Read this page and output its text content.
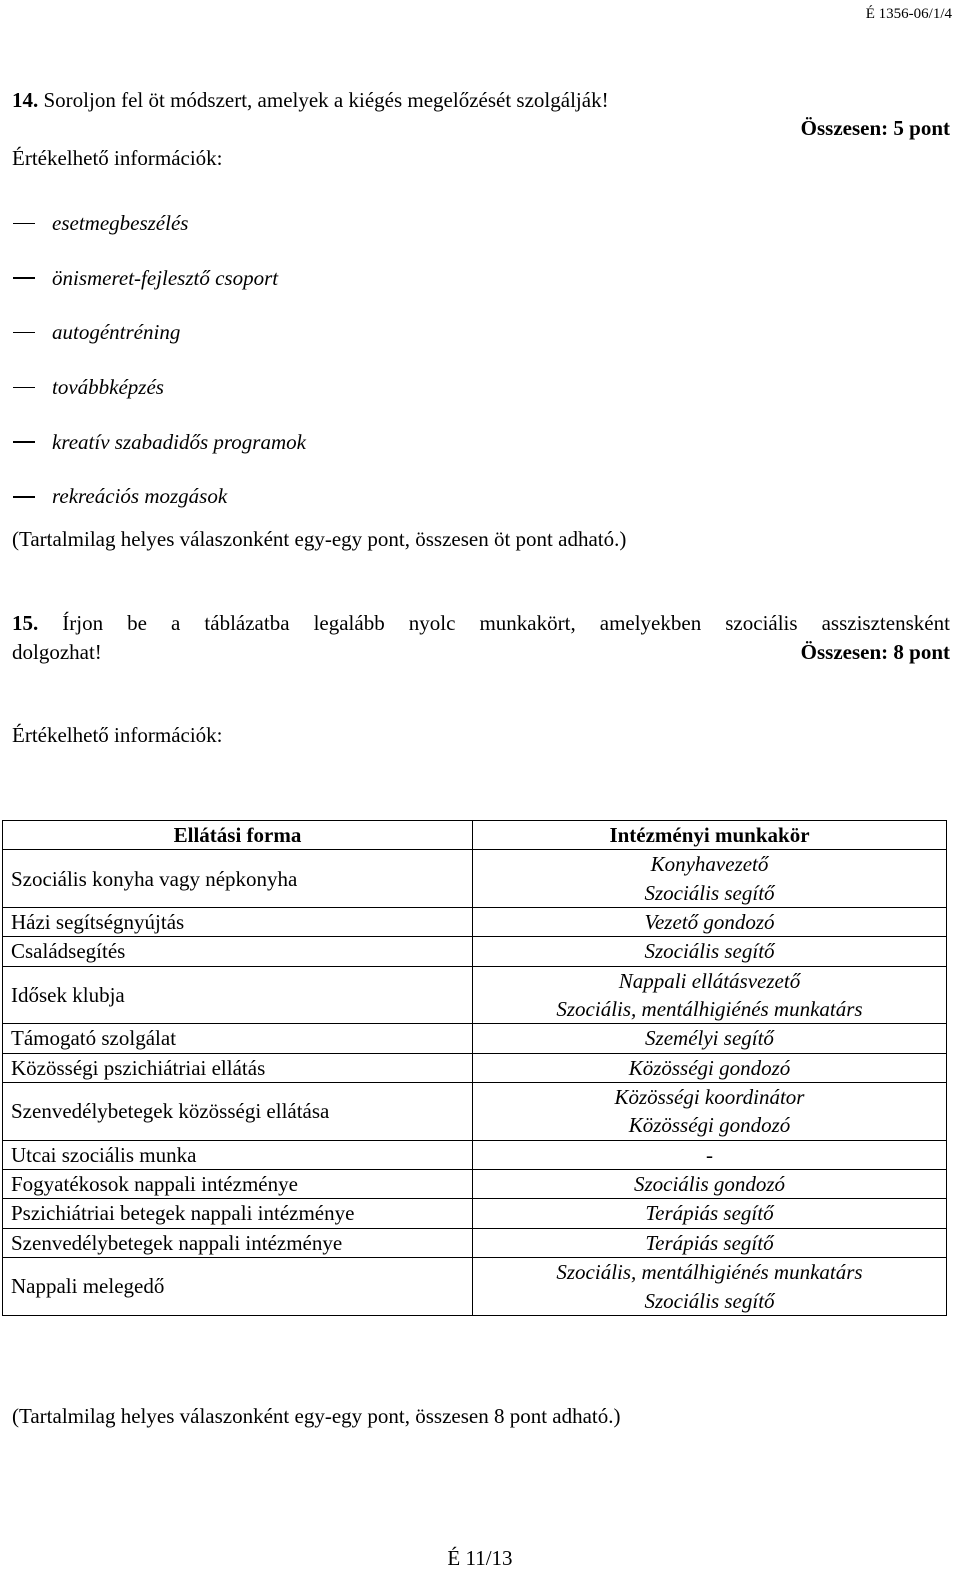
É 1356-06/1/4
14. Soroljon fel öt módszert, amelyek a kiégés megelőzését szolgálják!
Összesen: 5 pont
Értékelhető információk:
esetmegbeszélés
önismeret-fejlesztő csoport
autogéntréning
továbbképzés
kreatív szabadidős programok
rekreációs mozgások
(Tartalmilag helyes válaszonként egy-egy pont, összesen öt pont adható.)
15. Írjon be a táblázatba legalább nyolc munkakört, amelyekben szociális asszisztensként
dolgozhat!	Összesen: 8 pont
Értékelhető információk:
Ellátási forma	Intézményi munkakör
Szociális konyha vagy népkonyha	Konyhavezető
Szociális segítő

Házi segítségnyújtás	Vezető gondozó

Családsegítés	Szociális segítő

Idősek klubja	Nappali ellátásvezető
Szociális, mentálhigiénés munkatárs

Támogató szolgálat	Személyi segítő

Közösségi pszichiátriai ellátás	Közösségi gondozó

Szenvedélybetegek közösségi ellátása	Közösségi koordinátor
Közösségi gondozó

Utcai szociális munka	-

Fogyatékosok nappali intézménye	Szociális gondozó

Pszichiátriai betegek nappali intézménye	Terápiás segítő

Szenvedélybetegek nappali intézménye	Terápiás segítő

Nappali melegedő	Szociális, mentálhigiénés munkatárs
Szociális segítő
(Tartalmilag helyes válaszonként egy-egy pont, összesen 8 pont adható.)
É 11/13
